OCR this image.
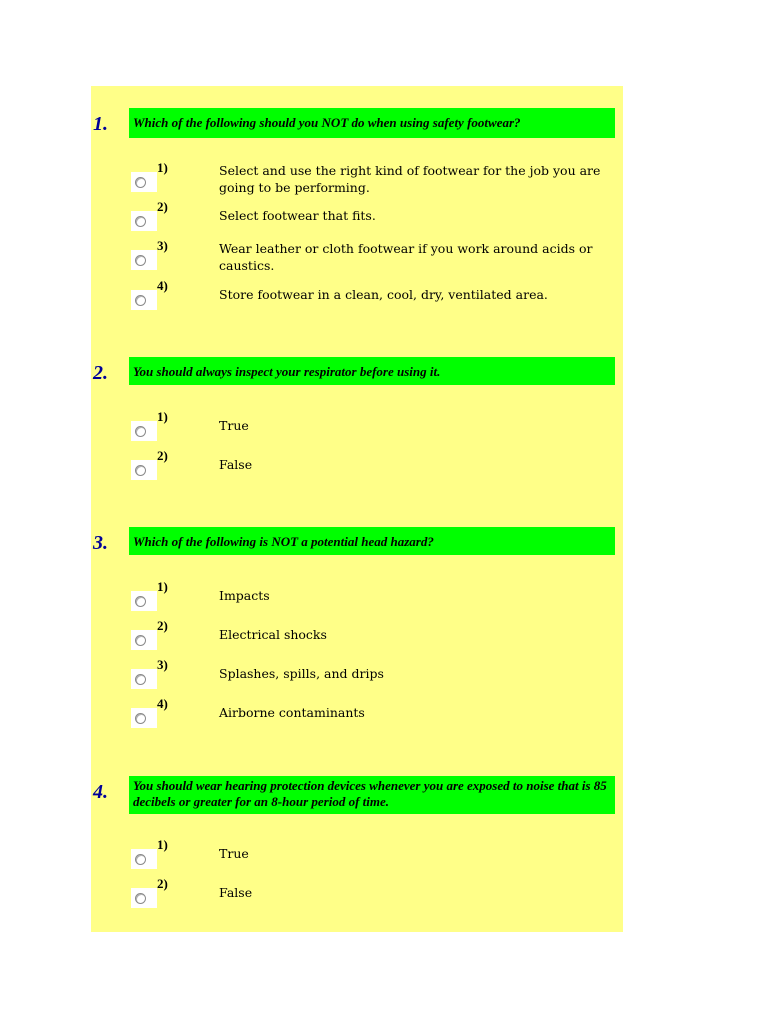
1.	Which of the following should you NOT do when using safety footwear?
1)	Select and use the right kind of footwear for the job you are going to be performing.
2)
Select footwear that fits.
3)	Wear leather or cloth footwear if you work around acids or caustics.
4)
Store footwear in a clean, cool, dry, ventilated area.
2.	You should always inspect your respirator before using it.
1)
True
2)
False
3.	Which of the following is NOT a potential head hazard?
1)
Impacts
2)
Electrical shocks
3)
Splashes, spills, and drips
4)
Airborne contaminants
4.	You should wear hearing protection devices whenever you are exposed to noise that is 85 decibels or greater for an 8-hour period of time.
1)
True
2)
False
